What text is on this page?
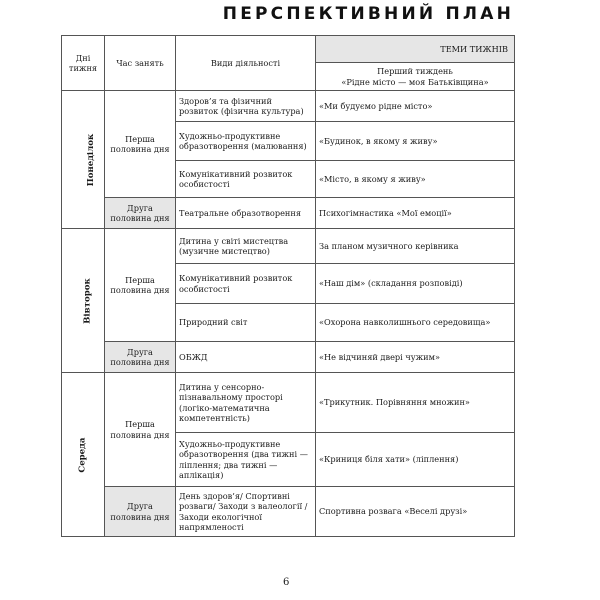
ПЕРСПЕКТИВНИЙ ПЛАН
Дні тижня	Час занять	Види діяльності	ТЕМИ ТИЖНІВ

			Перший тиждень
«Рідне місто — моя Батьківщина»

Понеділок	Перша половина дня	Здоров’я та фізичний розвиток (фізична культура)	«Ми будуємо рідне місто»
		Художньо-продуктивне образотворення (малювання)	«Будинок, в якому я живу»
		Комунікативний розвиток особистості	«Місто, в якому я живу»
	Друга половина дня	Театральне образотворення	Психогімнастика «Мої емоції»
Вівторок	Перша половина дня	Дитина у світі мистецтва (музичне мистецтво)	За планом музичного керівника
		Комунікативний розвиток особистості	«Наш дім» (складання розповіді)
		Природний світ	«Охорона навколишнього середовища»
	Друга половина дня	ОБЖД	«Не відчиняй двері чужим»
Середа	Перша половина дня	Дитина у сенсорно-пізнавальному просторі (логіко-математична компетентність)	«Трикутник. Порівняння множин»
		Художньо-продуктивне образотворення (два тижні — ліплення; два тижні — аплікація)	«Криниця біля хати» (ліплення)
	Друга половина дня	День здоров’я/ Спортивні розваги/ Заходи з валеології / Заходи екологічної напрямленості	Спортивна розвага «Веселі друзі»
6
